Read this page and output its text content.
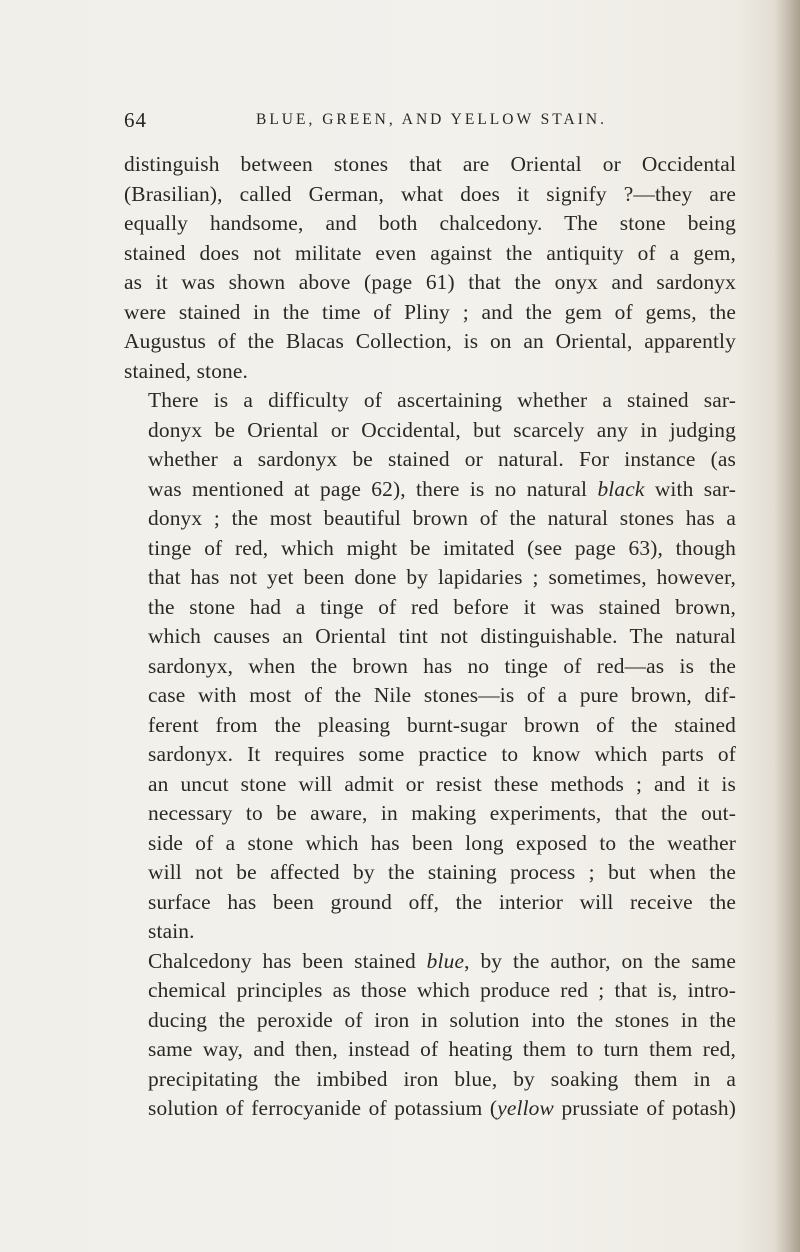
64	BLUE, GREEN, AND YELLOW STAIN.

distinguish between stones that are Oriental or Occidental
(Brasilian), called German, what does it signify ?—they are
equally handsome, and both chalcedony. The stone being
stained does not militate even against the antiquity of a gem,
as it was shown above (page 61) that the onyx and sardonyx
were stained in the time of Pliny ; and the gem of gems, the
Augustus of the Blacas Collection, is on an Oriental, apparently
stained, stone.

There is a difficulty of ascertaining whether a stained sar-
donyx be Oriental or Occidental, but scarcely any in judging
whether a sardonyx be stained or natural. For instance (as
was mentioned at page 62), there is no natural black with sar-
donyx ; the most beautiful brown of the natural stones has a
tinge of red, which might be imitated (see page 63), though
that has not yet been done by lapidaries ; sometimes, however,
the stone had a tinge of red before it was stained brown,
which causes an Oriental tint not distinguishable. The natural
sardonyx, when the brown has no tinge of red—as is the
case with most of the Nile stones—is of a pure brown, dif-
ferent from the pleasing burnt-sugar brown of the stained
sardonyx. It requires some practice to know which parts of
an uncut stone will admit or resist these methods ; and it is
necessary to be aware, in making experiments, that the out-
side of a stone which has been long exposed to the weather
will not be affected by the staining process ; but when the
surface has been ground off, the interior will receive the
stain.

Chalcedony has been stained blue, by the author, on the same
chemical principles as those which produce red ; that is, intro-
ducing the peroxide of iron in solution into the stones in the
same way, and then, instead of heating them to turn them red,
precipitating the imbibed iron blue, by soaking them in a
solution of ferrocyanide of potassium (yellow prussiate of potash)
